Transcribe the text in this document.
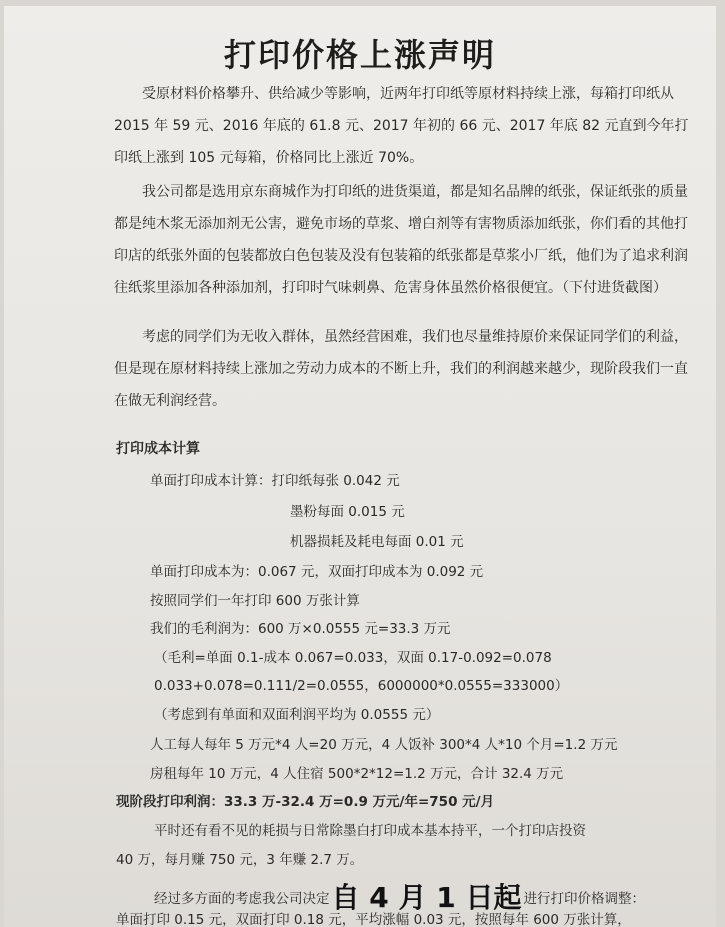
打印价格上涨声明
受原材料价格攀升、供给减少等影响，近两年打印纸等原材料持续上涨，每箱打印纸从 2015 年 59 元、2016 年底的 61.8 元、2017 年初的 66 元、2017 年底 82 元直到今年打印纸上涨到 105 元每箱，价格同比上涨近 70%。
我公司都是选用京东商城作为打印纸的进货渠道，都是知名品牌的纸张，保证纸张的质量都是纯木浆无添加剂无公害，避免市场的草浆、增白剂等有害物质添加纸张，你们看的其他打印店的纸张外面的包装都放白色包装及没有包装箱的纸张都是草浆小厂纸，他们为了追求利润往纸浆里添加各种添加剂，打印时气味刺鼻、危害身体虽然价格很便宜。（下付进货截图）
考虑的同学们为无收入群体，虽然经营困难，我们也尽量维持原价来保证同学们的利益，但是现在原材料持续上涨加之劳动力成本的不断上升，我们的利润越来越少，现阶段我们一直在做无利润经营。
打印成本计算
单面打印成本计算：打印纸每张 0.042 元
墨粉每面 0.015 元
机器损耗及耗电每面 0.01 元
单面打印成本为：0.067 元，双面打印成本为 0.092 元
按照同学们一年打印 600 万张计算
我们的毛利润为：600 万×0.0555 元=33.3 万元
（毛利=单面 0.1-成本 0.067=0.033，双面 0.17-0.092=0.078
0.033+0.078=0.111/2=0.0555，6000000*0.0555=333000）
（考虑到有单面和双面利润平均为 0.0555 元）
人工每人每年 5 万元*4 人=20 万元，4 人饭补 300*4 人*10 个月=1.2 万元
房租每年 10 万元，4 人住宿 500*2*12=1.2 万元，合计 32.4 万元
现阶段打印利润：33.3 万-32.4 万=0.9 万元/年=750 元/月
平时还有看不见的耗损与日常除墨白打印成本基本持平，一个打印店投资
40 万，每月赚 750 元，3 年赚 2.7 万。
经过多方面的考虑我公司决定自 4 月 1 日起 进行打印价格调整：
单面打印 0.15 元，双面打印 0.18 元，平均涨幅 0.03 元，按照每年 600 万张计算，
